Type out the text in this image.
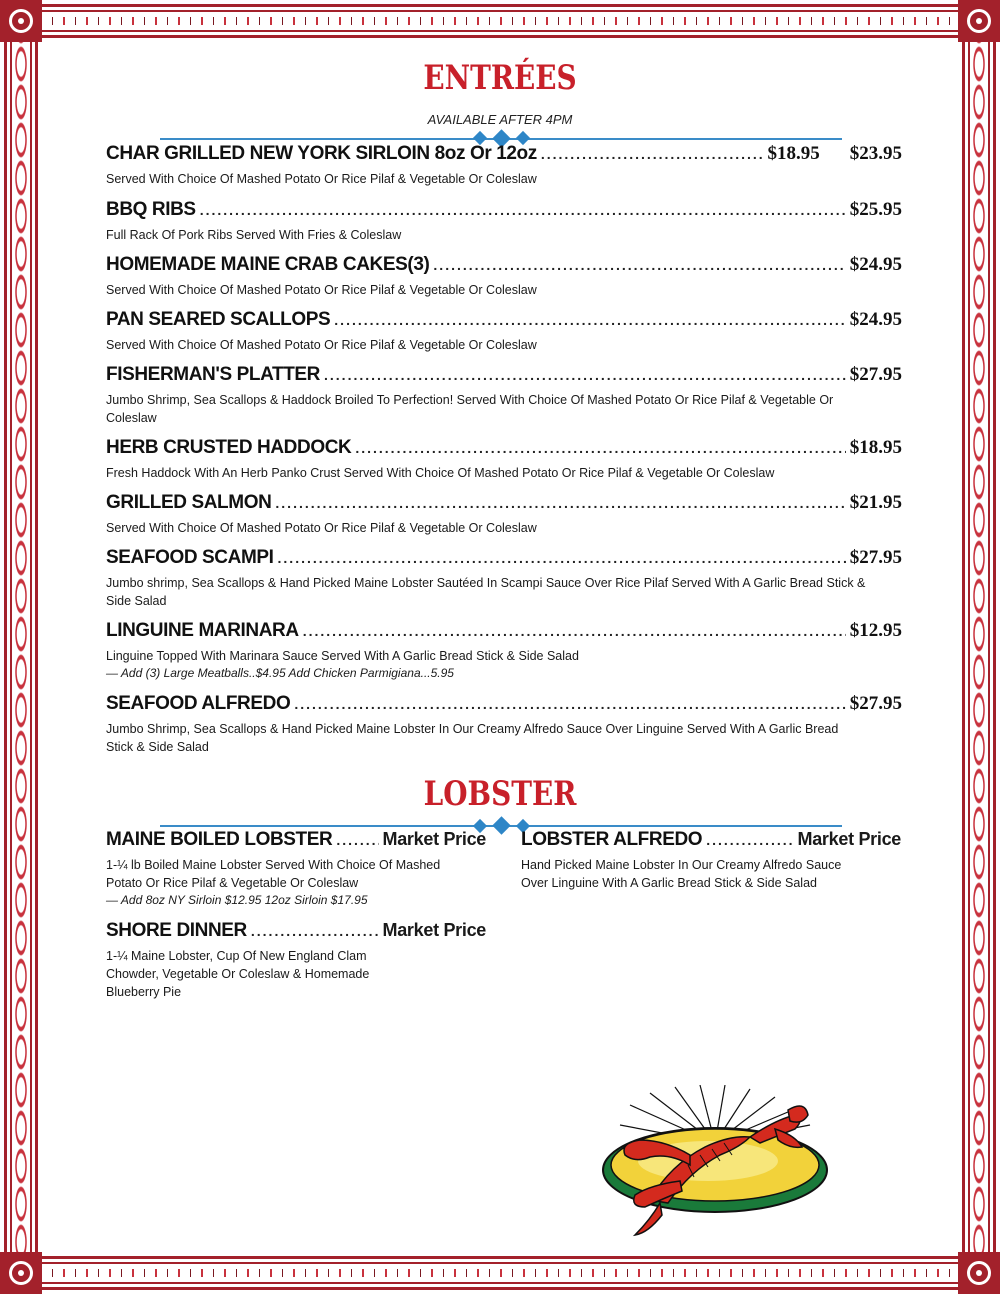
ENTRÉES
AVAILABLE AFTER 4PM
CHAR GRILLED NEW YORK SIRLOIN 8oz Or 12oz .....	$18.95 $23.95
Served With Choice Of Mashed Potato Or Rice Pilaf & Vegetable Or Coleslaw
BBQ RIBS .....	$25.95
Full Rack Of Pork Ribs Served With Fries & Coleslaw
HOMEMADE MAINE CRAB CAKES(3) .....	$24.95
Served With Choice Of Mashed Potato Or Rice Pilaf & Vegetable Or Coleslaw
PAN SEARED SCALLOPS .....	$24.95
Served With Choice Of Mashed Potato Or Rice Pilaf & Vegetable Or Coleslaw
FISHERMAN'S PLATTER .....	$27.95
Jumbo Shrimp, Sea Scallops & Haddock Broiled To Perfection! Served With Choice Of Mashed Potato Or Rice Pilaf & Vegetable Or Coleslaw
HERB CRUSTED HADDOCK .....	$18.95
Fresh Haddock With An Herb Panko Crust Served With Choice Of Mashed Potato Or Rice Pilaf & Vegetable Or Coleslaw
GRILLED SALMON .....	$21.95
Served With Choice Of Mashed Potato Or Rice Pilaf & Vegetable Or Coleslaw
SEAFOOD SCAMPI .....	$27.95
Jumbo shrimp, Sea Scallops & Hand Picked Maine Lobster Sautéed In Scampi Sauce Over Rice Pilaf Served With A Garlic Bread Stick & Side Salad
LINGUINE MARINARA .....	$12.95
Linguine Topped With Marinara Sauce Served With A Garlic Bread Stick & Side Salad
— Add (3) Large Meatballs..$4.95 Add Chicken Parmigiana...5.95
SEAFOOD ALFREDO .....	$27.95
Jumbo Shrimp, Sea Scallops & Hand Picked Maine Lobster In Our Creamy Alfredo Sauce Over Linguine Served With A Garlic Bread Stick & Side Salad
LOBSTER
MAINE BOILED LOBSTER .....	Market Price
1-¼ lb Boiled Maine Lobster Served With Choice Of Mashed Potato Or Rice Pilaf & Vegetable Or Coleslaw
— Add 8oz NY Sirloin $12.95 12oz Sirloin $17.95
LOBSTER ALFREDO .....	Market Price
Hand Picked Maine Lobster In Our Creamy Alfredo Sauce Over Linguine With A Garlic Bread Stick & Side Salad
SHORE DINNER .....	Market Price
1-¼ Maine Lobster, Cup Of New England Clam Chowder, Vegetable Or Coleslaw & Homemade Blueberry Pie
